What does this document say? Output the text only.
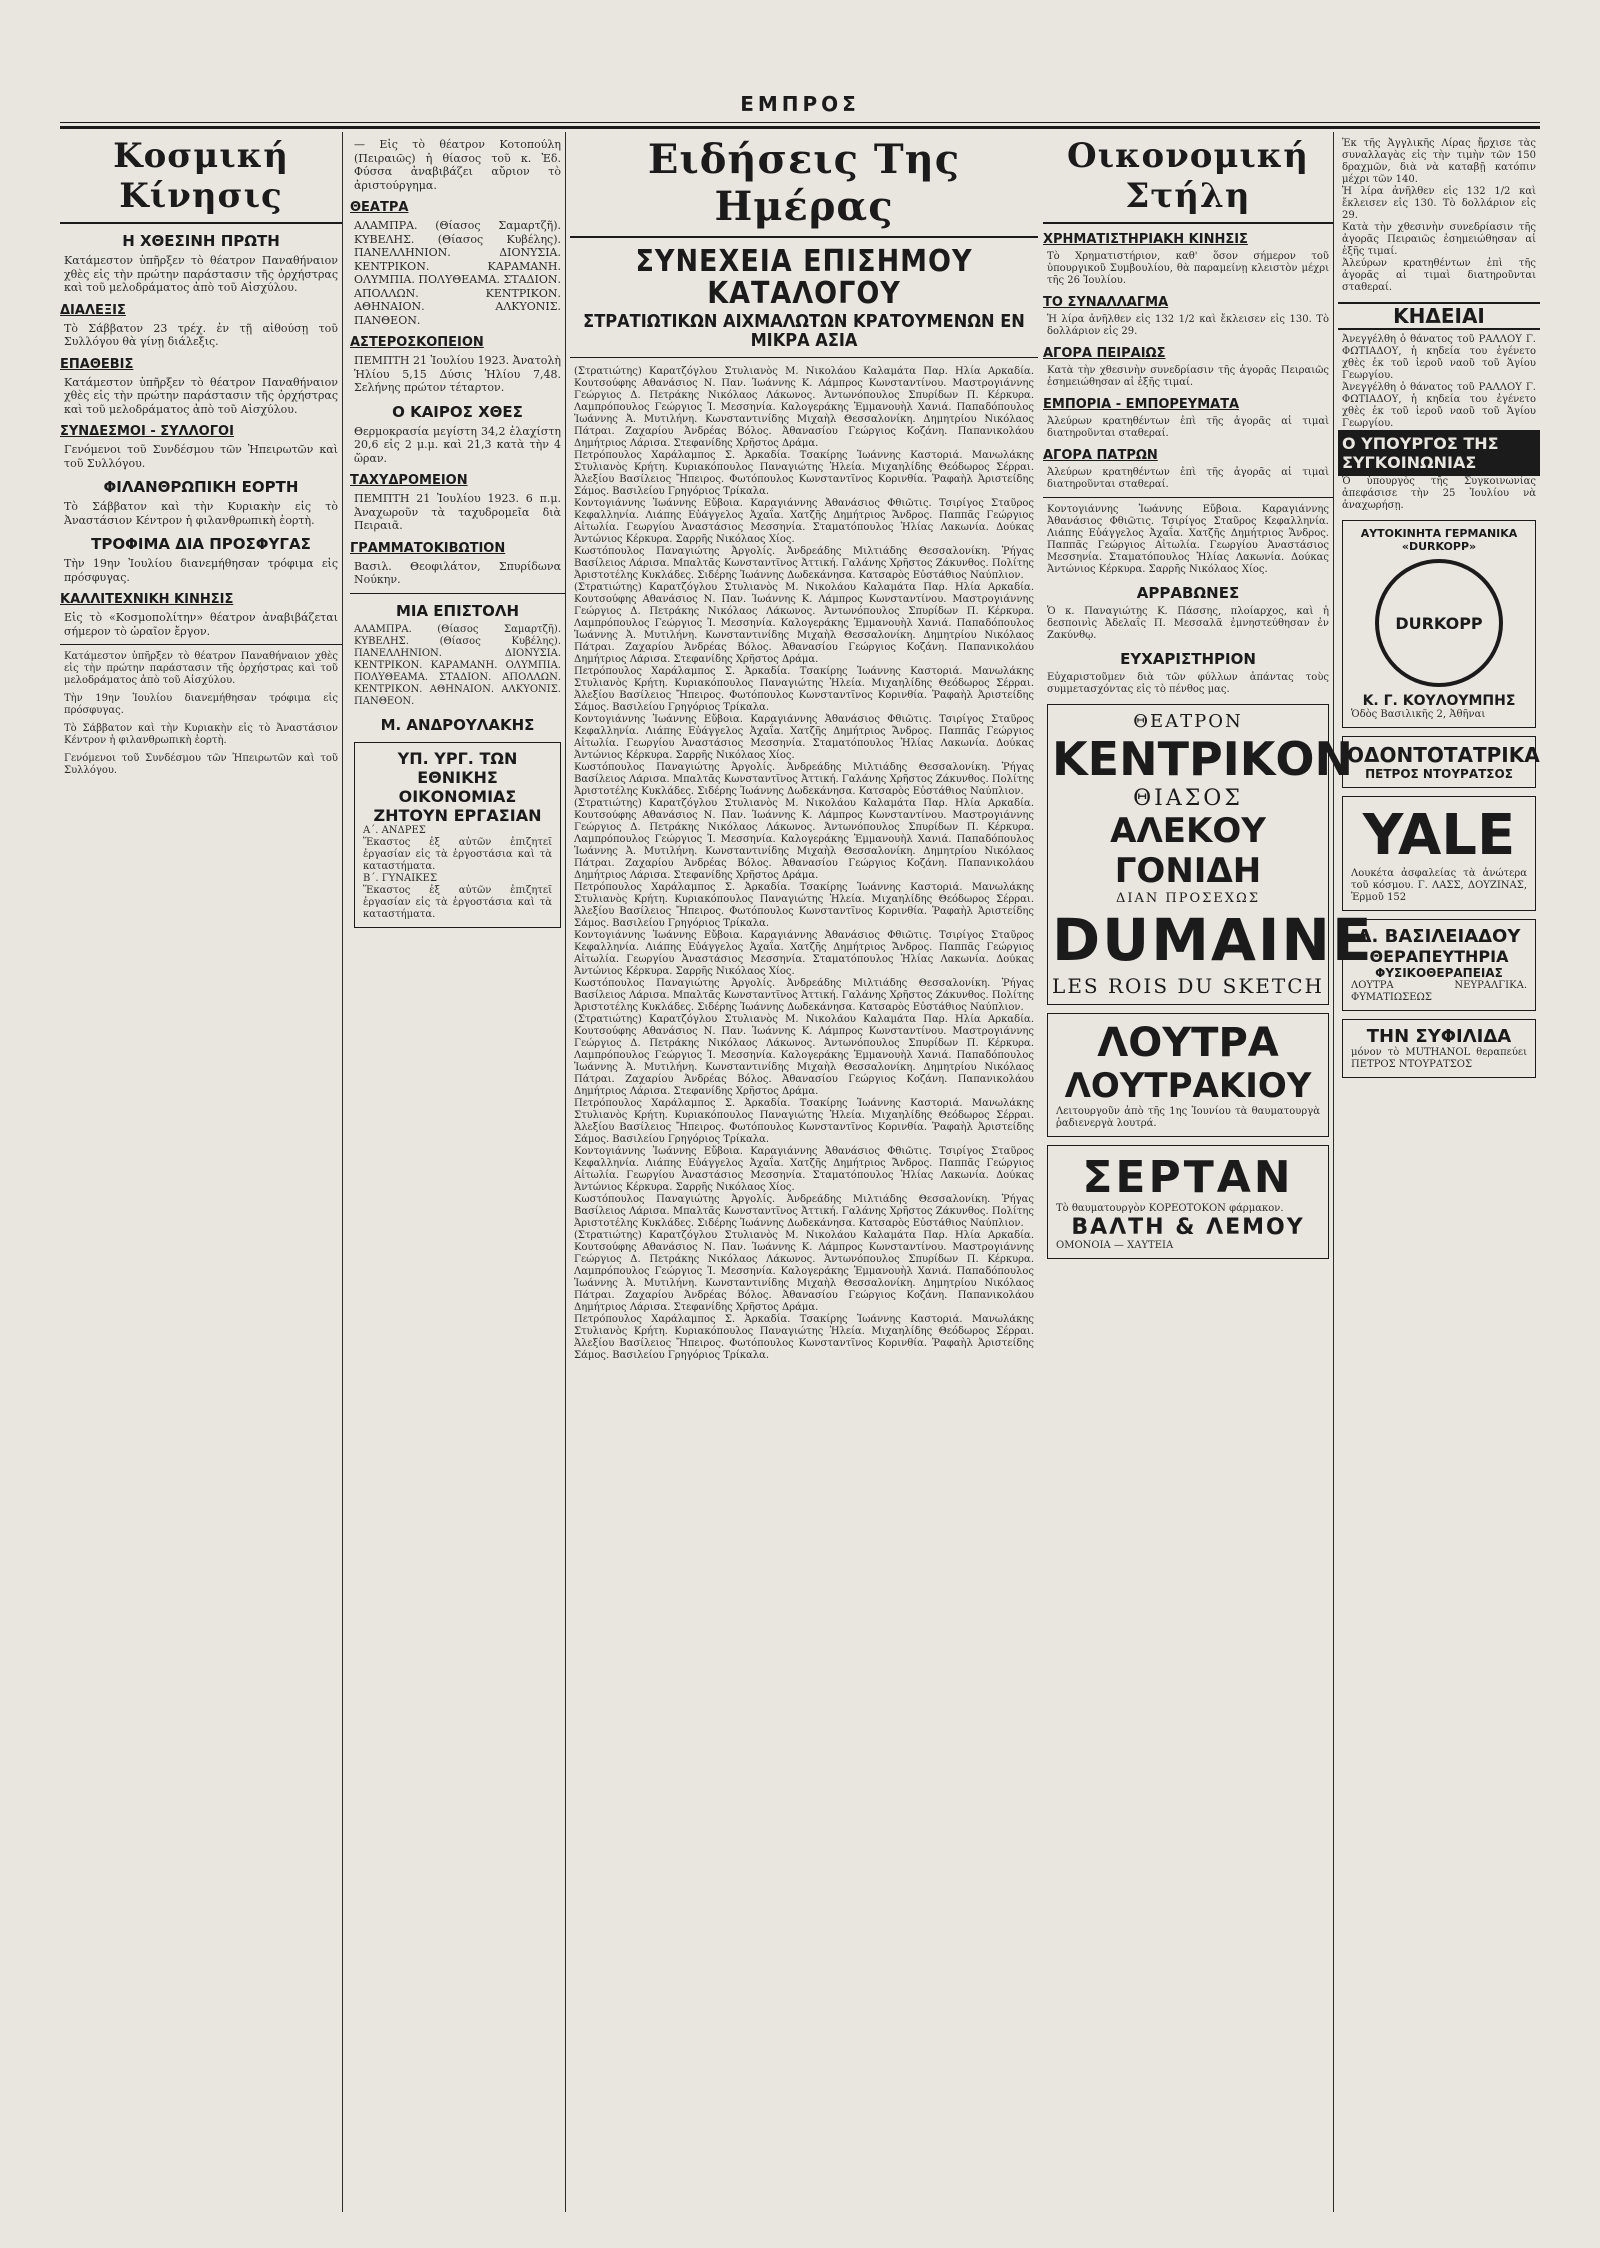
ΕΜΠΡΟΣ
Κοσμική Κίνησις
Η ΧΘΕΣΙΝΗ ΠΡΩΤΗ
Κατάμεστον ὑπῆρξεν τὸ θέατρον Παναθήναιον χθὲς εἰς τὴν πρώτην παράστασιν τῆς ὀρχήστρας καὶ τοῦ μελοδράματος ἀπὸ τοῦ Αἰσχύλου.
ΔΙΑΛΕΞΙΣ
Τὸ Σάββατον 23 τρέχ. ἐν τῇ αἰθούσῃ τοῦ Συλλόγου θὰ γίνῃ διάλεξις.
ΕΠΑΘΕΒΙΣ
Κατάμεστον ὑπῆρξεν τὸ θέατρον Παναθήναιον χθὲς εἰς τὴν πρώτην παράστασιν τῆς ὀρχήστρας καὶ τοῦ μελοδράματος ἀπὸ τοῦ Αἰσχύλου.
ΣΥΝΔΕΣΜΟΙ - ΣΥΛΛΟΓΟΙ
Γενόμενοι τοῦ Συνδέσμου τῶν Ἠπειρωτῶν καὶ τοῦ Συλλόγου.
ΦΙΛΑΝΘΡΩΠΙΚΗ ΕΟΡΤΗ
Τὸ Σάββατον καὶ τὴν Κυριακὴν εἰς τὸ Ἀναστάσιον Κέντρον ἡ φιλανθρωπικὴ ἑορτὴ.
ΤΡΟΦΙΜΑ ΔΙΑ ΠΡΟΣΦΥΓΑΣ
Τὴν 19ην Ἰουλίου διανεμήθησαν τρόφιμα εἰς πρόσφυγας.
ΚΑΛΛΙΤΕΧΝΙΚΗ ΚΙΝΗΣΙΣ
Εἰς τὸ «Κοσμοπολίτην» θέατρον ἀναβιβάζεται σήμερον τὸ ὡραῖον ἔργον.
Κατάμεστον ὑπῆρξεν τὸ θέατρον Παναθήναιον χθὲς εἰς τὴν πρώτην παράστασιν τῆς ὀρχήστρας καὶ τοῦ μελοδράματος ἀπὸ τοῦ Αἰσχύλου.
Τὴν 19ην Ἰουλίου διανεμήθησαν τρόφιμα εἰς πρόσφυγας.
Τὸ Σάββατον καὶ τὴν Κυριακὴν εἰς τὸ Ἀναστάσιον Κέντρον ἡ φιλανθρωπικὴ ἑορτὴ.
Γενόμενοι τοῦ Συνδέσμου τῶν Ἠπειρωτῶν καὶ τοῦ Συλλόγου.
— Εἰς τὸ θέατρον Κοτοπούλη (Πειραιῶς) ἡ θίασος τοῦ κ. Ἐδ. Φύσσα ἀναβιβάζει αὔριον τὸ ἀριστούργημα.
ΘΕΑΤΡΑ
ΑΛΑΜΠΡΑ. (Θίασος Σαμαρτζῆ). ΚΥΒΕΛΗΣ. (Θίασος Κυβέλης). ΠΑΝΕΛΛΗΝΙΟΝ. ΔΙΟΝΥΣΙΑ. ΚΕΝΤΡΙΚΟΝ. ΚΑΡΑΜΑΝΗ. ΟΛΥΜΠΙΑ. ΠΟΛΥΘΕΑΜΑ. ΣΤΑΔΙΟΝ. ΑΠΟΛΛΩΝ. ΚΕΝΤΡΙΚΟΝ. ΑΘΗΝΑΙΟΝ. ΑΛΚΥΟΝΙΣ. ΠΑΝΘΕΟΝ.
ΑΣΤΕΡΟΣΚΟΠΕΙΟΝ
ΠΕΜΠΤΗ 21 Ἰουλίου 1923. Ἀνατολὴ Ἡλίου 5,15 Δύσις Ἡλίου 7,48. Σελήνης πρώτον τέταρτον.
Ο ΚΑΙΡΟΣ ΧΘΕΣ
Θερμοκρασία μεγίστη 34,2 ἐλαχίστη 20,6 εἰς 2 μ.μ. καὶ 21,3 κατὰ τὴν 4 ὥραν.
ΤΑΧΥΔΡΟΜΕΙΟΝ
ΠΕΜΠΤΗ 21 Ἰουλίου 1923. 6 π.μ. Ἀναχωροῦν τὰ ταχυδρομεῖα διὰ Πειραιᾶ.
ΓΡΑΜΜΑΤΟΚΙΒΩΤΙΟΝ
Βασιλ. Θεοφιλάτον, Σπυρίδωνα Νούκην.
ΜΙΑ ΕΠΙΣΤΟΛΗ
ΑΛΑΜΠΡΑ. (Θίασος Σαμαρτζῆ). ΚΥΒΕΛΗΣ. (Θίασος Κυβέλης). ΠΑΝΕΛΛΗΝΙΟΝ. ΔΙΟΝΥΣΙΑ. ΚΕΝΤΡΙΚΟΝ. ΚΑΡΑΜΑΝΗ. ΟΛΥΜΠΙΑ. ΠΟΛΥΘΕΑΜΑ. ΣΤΑΔΙΟΝ. ΑΠΟΛΛΩΝ. ΚΕΝΤΡΙΚΟΝ. ΑΘΗΝΑΙΟΝ. ΑΛΚΥΟΝΙΣ. ΠΑΝΘΕΟΝ.
Μ. ΑΝΔΡΟΥΛΑΚΗΣ
ΥΠ. ΥΡΓ. ΤΩΝ ΕΘΝΙΚΗΣ ΟΙΚΟΝΟΜΙΑΣ
ΖΗΤΟΥΝ ΕΡΓΑΣΙΑΝ
Α΄. ΑΝΔΡΕΣ
Ἕκαστος ἐξ αὐτῶν ἐπιζητεῖ ἐργασίαν εἰς τὰ ἐργοστάσια καὶ τὰ καταστήματα.
Β΄. ΓΥΝΑΙΚΕΣ
Ἕκαστος ἐξ αὐτῶν ἐπιζητεῖ ἐργασίαν εἰς τὰ ἐργοστάσια καὶ τὰ καταστήματα.
Ειδήσεις Της Ημέρας
ΣΥΝΕΧΕΙΑ ΕΠΙΣΗΜΟΥ ΚΑΤΑΛΟΓΟΥ
ΣΤΡΑΤΙΩΤΙΚΩΝ ΑΙΧΜΑΛΩΤΩΝ ΚΡΑΤΟΥΜΕΝΩΝ ΕΝ ΜΙΚΡΑ ΑΣΙΑ
(Στρατιώτης) Καρατζόγλου Στυλιανὸς Μ. Νικολάου Καλαμάτα Παρ. Ηλία Αρκαδία. Κουτσούφης Αθανάσιος Ν. Παν. Ἰωάννης Κ. Λάμπρος Κωνσταντίνου. Μαστρογιάννης Γεώργιος Δ. Πετράκης Νικόλαος Λάκωνος. Ἀντωνόπουλος Σπυρίδων Π. Κέρκυρα. Λαμπρόπουλος Γεώργιος Ἰ. Μεσσηνία. Καλογεράκης Ἐμμανουὴλ Χανιά. Παπαδόπουλος Ἰωάννης Ἀ. Μυτιλήνη. Κωνσταντινίδης Μιχαὴλ Θεσσαλονίκη. Δημητρίου Νικόλαος Πάτραι. Ζαχαρίου Ἀνδρέας Βόλος. Ἀθανασίου Γεώργιος Κοζάνη. Παπανικολάου Δημήτριος Λάρισα. Στεφανίδης Χρῆστος Δράμα.
Πετρόπουλος Χαράλαμπος Σ. Ἀρκαδία. Τσακίρης Ἰωάννης Καστοριά. Μανωλάκης Στυλιανὸς Κρήτη. Κυριακόπουλος Παναγιώτης Ἠλεία. Μιχαηλίδης Θεόδωρος Σέρραι. Ἀλεξίου Βασίλειος Ἤπειρος. Φωτόπουλος Κωνσταντῖνος Κορινθία. Ῥαφαὴλ Ἀριστείδης Σάμος. Βασιλείου Γρηγόριος Τρίκαλα.
Κοντογιάννης Ἰωάννης Εὔβοια. Καραγιάννης Ἀθανάσιος Φθιῶτις. Τσιρίγος Σταῦρος Κεφαλληνία. Λιάπης Εὐάγγελος Ἀχαΐα. Χατζῆς Δημήτριος Ἄνδρος. Παππᾶς Γεώργιος Αἰτωλία. Γεωργίου Ἀναστάσιος Μεσσηνία. Σταματόπουλος Ἠλίας Λακωνία. Δούκας Ἀντώνιος Κέρκυρα. Σαρρῆς Νικόλαος Χίος.
Κωστόπουλος Παναγιώτης Ἀργολίς. Ἀνδρεάδης Μιλτιάδης Θεσσαλονίκη. Ῥήγας Βασίλειος Λάρισα. Μπαλτᾶς Κωνσταντῖνος Ἀττική. Γαλάνης Χρῆστος Ζάκυνθος. Πολίτης Ἀριστοτέλης Κυκλάδες. Σιδέρης Ἰωάννης Δωδεκάνησα. Κατσαρὸς Εὐστάθιος Ναύπλιον.
(Στρατιώτης) Καρατζόγλου Στυλιανὸς Μ. Νικολάου Καλαμάτα Παρ. Ηλία Αρκαδία. Κουτσούφης Αθανάσιος Ν. Παν. Ἰωάννης Κ. Λάμπρος Κωνσταντίνου. Μαστρογιάννης Γεώργιος Δ. Πετράκης Νικόλαος Λάκωνος. Ἀντωνόπουλος Σπυρίδων Π. Κέρκυρα. Λαμπρόπουλος Γεώργιος Ἰ. Μεσσηνία. Καλογεράκης Ἐμμανουὴλ Χανιά. Παπαδόπουλος Ἰωάννης Ἀ. Μυτιλήνη. Κωνσταντινίδης Μιχαὴλ Θεσσαλονίκη. Δημητρίου Νικόλαος Πάτραι. Ζαχαρίου Ἀνδρέας Βόλος. Ἀθανασίου Γεώργιος Κοζάνη. Παπανικολάου Δημήτριος Λάρισα. Στεφανίδης Χρῆστος Δράμα.
Πετρόπουλος Χαράλαμπος Σ. Ἀρκαδία. Τσακίρης Ἰωάννης Καστοριά. Μανωλάκης Στυλιανὸς Κρήτη. Κυριακόπουλος Παναγιώτης Ἠλεία. Μιχαηλίδης Θεόδωρος Σέρραι. Ἀλεξίου Βασίλειος Ἤπειρος. Φωτόπουλος Κωνσταντῖνος Κορινθία. Ῥαφαὴλ Ἀριστείδης Σάμος. Βασιλείου Γρηγόριος Τρίκαλα.
Κοντογιάννης Ἰωάννης Εὔβοια. Καραγιάννης Ἀθανάσιος Φθιῶτις. Τσιρίγος Σταῦρος Κεφαλληνία. Λιάπης Εὐάγγελος Ἀχαΐα. Χατζῆς Δημήτριος Ἄνδρος. Παππᾶς Γεώργιος Αἰτωλία. Γεωργίου Ἀναστάσιος Μεσσηνία. Σταματόπουλος Ἠλίας Λακωνία. Δούκας Ἀντώνιος Κέρκυρα. Σαρρῆς Νικόλαος Χίος.
Κωστόπουλος Παναγιώτης Ἀργολίς. Ἀνδρεάδης Μιλτιάδης Θεσσαλονίκη. Ῥήγας Βασίλειος Λάρισα. Μπαλτᾶς Κωνσταντῖνος Ἀττική. Γαλάνης Χρῆστος Ζάκυνθος. Πολίτης Ἀριστοτέλης Κυκλάδες. Σιδέρης Ἰωάννης Δωδεκάνησα. Κατσαρὸς Εὐστάθιος Ναύπλιον.
(Στρατιώτης) Καρατζόγλου Στυλιανὸς Μ. Νικολάου Καλαμάτα Παρ. Ηλία Αρκαδία. Κουτσούφης Αθανάσιος Ν. Παν. Ἰωάννης Κ. Λάμπρος Κωνσταντίνου. Μαστρογιάννης Γεώργιος Δ. Πετράκης Νικόλαος Λάκωνος. Ἀντωνόπουλος Σπυρίδων Π. Κέρκυρα. Λαμπρόπουλος Γεώργιος Ἰ. Μεσσηνία. Καλογεράκης Ἐμμανουὴλ Χανιά. Παπαδόπουλος Ἰωάννης Ἀ. Μυτιλήνη. Κωνσταντινίδης Μιχαὴλ Θεσσαλονίκη. Δημητρίου Νικόλαος Πάτραι. Ζαχαρίου Ἀνδρέας Βόλος. Ἀθανασίου Γεώργιος Κοζάνη. Παπανικολάου Δημήτριος Λάρισα. Στεφανίδης Χρῆστος Δράμα.
Πετρόπουλος Χαράλαμπος Σ. Ἀρκαδία. Τσακίρης Ἰωάννης Καστοριά. Μανωλάκης Στυλιανὸς Κρήτη. Κυριακόπουλος Παναγιώτης Ἠλεία. Μιχαηλίδης Θεόδωρος Σέρραι. Ἀλεξίου Βασίλειος Ἤπειρος. Φωτόπουλος Κωνσταντῖνος Κορινθία. Ῥαφαὴλ Ἀριστείδης Σάμος. Βασιλείου Γρηγόριος Τρίκαλα.
Κοντογιάννης Ἰωάννης Εὔβοια. Καραγιάννης Ἀθανάσιος Φθιῶτις. Τσιρίγος Σταῦρος Κεφαλληνία. Λιάπης Εὐάγγελος Ἀχαΐα. Χατζῆς Δημήτριος Ἄνδρος. Παππᾶς Γεώργιος Αἰτωλία. Γεωργίου Ἀναστάσιος Μεσσηνία. Σταματόπουλος Ἠλίας Λακωνία. Δούκας Ἀντώνιος Κέρκυρα. Σαρρῆς Νικόλαος Χίος.
Κωστόπουλος Παναγιώτης Ἀργολίς. Ἀνδρεάδης Μιλτιάδης Θεσσαλονίκη. Ῥήγας Βασίλειος Λάρισα. Μπαλτᾶς Κωνσταντῖνος Ἀττική. Γαλάνης Χρῆστος Ζάκυνθος. Πολίτης Ἀριστοτέλης Κυκλάδες. Σιδέρης Ἰωάννης Δωδεκάνησα. Κατσαρὸς Εὐστάθιος Ναύπλιον.
(Στρατιώτης) Καρατζόγλου Στυλιανὸς Μ. Νικολάου Καλαμάτα Παρ. Ηλία Αρκαδία. Κουτσούφης Αθανάσιος Ν. Παν. Ἰωάννης Κ. Λάμπρος Κωνσταντίνου. Μαστρογιάννης Γεώργιος Δ. Πετράκης Νικόλαος Λάκωνος. Ἀντωνόπουλος Σπυρίδων Π. Κέρκυρα. Λαμπρόπουλος Γεώργιος Ἰ. Μεσσηνία. Καλογεράκης Ἐμμανουὴλ Χανιά. Παπαδόπουλος Ἰωάννης Ἀ. Μυτιλήνη. Κωνσταντινίδης Μιχαὴλ Θεσσαλονίκη. Δημητρίου Νικόλαος Πάτραι. Ζαχαρίου Ἀνδρέας Βόλος. Ἀθανασίου Γεώργιος Κοζάνη. Παπανικολάου Δημήτριος Λάρισα. Στεφανίδης Χρῆστος Δράμα.
Πετρόπουλος Χαράλαμπος Σ. Ἀρκαδία. Τσακίρης Ἰωάννης Καστοριά. Μανωλάκης Στυλιανὸς Κρήτη. Κυριακόπουλος Παναγιώτης Ἠλεία. Μιχαηλίδης Θεόδωρος Σέρραι. Ἀλεξίου Βασίλειος Ἤπειρος. Φωτόπουλος Κωνσταντῖνος Κορινθία. Ῥαφαὴλ Ἀριστείδης Σάμος. Βασιλείου Γρηγόριος Τρίκαλα.
Κοντογιάννης Ἰωάννης Εὔβοια. Καραγιάννης Ἀθανάσιος Φθιῶτις. Τσιρίγος Σταῦρος Κεφαλληνία. Λιάπης Εὐάγγελος Ἀχαΐα. Χατζῆς Δημήτριος Ἄνδρος. Παππᾶς Γεώργιος Αἰτωλία. Γεωργίου Ἀναστάσιος Μεσσηνία. Σταματόπουλος Ἠλίας Λακωνία. Δούκας Ἀντώνιος Κέρκυρα. Σαρρῆς Νικόλαος Χίος.
Κωστόπουλος Παναγιώτης Ἀργολίς. Ἀνδρεάδης Μιλτιάδης Θεσσαλονίκη. Ῥήγας Βασίλειος Λάρισα. Μπαλτᾶς Κωνσταντῖνος Ἀττική. Γαλάνης Χρῆστος Ζάκυνθος. Πολίτης Ἀριστοτέλης Κυκλάδες. Σιδέρης Ἰωάννης Δωδεκάνησα. Κατσαρὸς Εὐστάθιος Ναύπλιον.
(Στρατιώτης) Καρατζόγλου Στυλιανὸς Μ. Νικολάου Καλαμάτα Παρ. Ηλία Αρκαδία. Κουτσούφης Αθανάσιος Ν. Παν. Ἰωάννης Κ. Λάμπρος Κωνσταντίνου. Μαστρογιάννης Γεώργιος Δ. Πετράκης Νικόλαος Λάκωνος. Ἀντωνόπουλος Σπυρίδων Π. Κέρκυρα. Λαμπρόπουλος Γεώργιος Ἰ. Μεσσηνία. Καλογεράκης Ἐμμανουὴλ Χανιά. Παπαδόπουλος Ἰωάννης Ἀ. Μυτιλήνη. Κωνσταντινίδης Μιχαὴλ Θεσσαλονίκη. Δημητρίου Νικόλαος Πάτραι. Ζαχαρίου Ἀνδρέας Βόλος. Ἀθανασίου Γεώργιος Κοζάνη. Παπανικολάου Δημήτριος Λάρισα. Στεφανίδης Χρῆστος Δράμα.
Πετρόπουλος Χαράλαμπος Σ. Ἀρκαδία. Τσακίρης Ἰωάννης Καστοριά. Μανωλάκης Στυλιανὸς Κρήτη. Κυριακόπουλος Παναγιώτης Ἠλεία. Μιχαηλίδης Θεόδωρος Σέρραι. Ἀλεξίου Βασίλειος Ἤπειρος. Φωτόπουλος Κωνσταντῖνος Κορινθία. Ῥαφαὴλ Ἀριστείδης Σάμος. Βασιλείου Γρηγόριος Τρίκαλα.
Οικονομική Στήλη
ΧΡΗΜΑΤΙΣΤΗΡΙΑΚΗ ΚΙΝΗΣΙΣ
Τὸ Χρηματιστήριον, καθ' ὅσον σήμερον τοῦ ὑπουργικοῦ Συμβουλίου, θὰ παραμείνῃ κλειστὸν μέχρι τῆς 26 Ἰουλίου.
ΤΟ ΣΥΝΑΛΛΑΓΜΑ
Ἡ λίρα ἀνῆλθεν εἰς 132 1/2 καὶ ἔκλεισεν εἰς 130. Τὸ δολλάριον εἰς 29.
ΑΓΟΡΑ ΠΕΙΡΑΙΩΣ
Κατὰ τὴν χθεσινὴν συνεδρίασιν τῆς ἀγορᾶς Πειραιῶς ἐσημειώθησαν αἱ ἑξῆς τιμαί.
ΕΜΠΟΡΙΑ - ΕΜΠΟΡΕΥΜΑΤΑ
Ἀλεύρων κρατηθέντων ἐπὶ τῆς ἀγορᾶς αἱ τιμαὶ διατηροῦνται σταθεραί.
ΑΓΟΡΑ ΠΑΤΡΩΝ
Ἀλεύρων κρατηθέντων ἐπὶ τῆς ἀγορᾶς αἱ τιμαὶ διατηροῦνται σταθεραί.
Κοντογιάννης Ἰωάννης Εὔβοια. Καραγιάννης Ἀθανάσιος Φθιῶτις. Τσιρίγος Σταῦρος Κεφαλληνία. Λιάπης Εὐάγγελος Ἀχαΐα. Χατζῆς Δημήτριος Ἄνδρος. Παππᾶς Γεώργιος Αἰτωλία. Γεωργίου Ἀναστάσιος Μεσσηνία. Σταματόπουλος Ἠλίας Λακωνία. Δούκας Ἀντώνιος Κέρκυρα. Σαρρῆς Νικόλαος Χίος.
ΑΡΡΑΒΩΝΕΣ
Ὁ κ. Παναγιώτης Κ. Πάσσης, πλοίαρχος, καὶ ἡ δεσποινὶς Ἀδελαΐς Π. Μεσσαλᾶ ἐμνηστεύθησαν ἐν Ζακύνθῳ.
ΕΥΧΑΡΙΣΤΗΡΙΟΝ
Εὐχαριστοῦμεν διὰ τῶν φύλλων ἀπάντας τοὺς συμμετασχόντας εἰς τὸ πένθος μας.
ΘΕΑΤΡΟΝ
ΚΕΝΤΡΙΚΟΝ
ΘΙΑΣΟΣ
ΑΛΕΚΟΥ ΓΟΝΙΔΗ
ΔΙΑΝ ΠΡΟΣΕΧΩΣ
DUMAINE
LES ROIS DU SKETCH
ΛΟΥΤΡΑ
ΛΟΥΤΡΑΚΙΟΥ
Λειτουργοῦν ἀπὸ τῆς 1ης Ἰουνίου τὰ θαυματουργὰ ῥαδιενεργὰ λουτρά.
ΣΕΡΤΑΝ
Τὸ θαυματουργὸν ΚΟΡΕΟΤΟΚΟΝ φάρμακον.
ΒΑΛΤΗ & ΛΕΜΟΥ
ΟΜΟΝΟΙΑ — ΧΑΥΤΕΙΑ
Ἐκ τῆς Ἀγγλικῆς Λίρας ἤρχισε τὰς συναλλαγὰς εἰς τὴν τιμὴν τῶν 150 δραχμῶν, διὰ νὰ καταβῇ κατόπιν μέχρι τῶν 140.
Ἡ λίρα ἀνῆλθεν εἰς 132 1/2 καὶ ἔκλεισεν εἰς 130. Τὸ δολλάριον εἰς 29.
Κατὰ τὴν χθεσινὴν συνεδρίασιν τῆς ἀγορᾶς Πειραιῶς ἐσημειώθησαν αἱ ἑξῆς τιμαί.
Ἀλεύρων κρατηθέντων ἐπὶ τῆς ἀγορᾶς αἱ τιμαὶ διατηροῦνται σταθεραί.
ΚΗΔΕΙΑΙ
Ἀνεγγέλθη ὁ θάνατος τοῦ ΡΑΛΛΟΥ Γ. ΦΩΤΙΑΔΟΥ, ἡ κηδεία του ἐγένετο χθὲς ἐκ τοῦ ἱεροῦ ναοῦ τοῦ Ἁγίου Γεωργίου.
Ἀνεγγέλθη ὁ θάνατος τοῦ ΡΑΛΛΟΥ Γ. ΦΩΤΙΑΔΟΥ, ἡ κηδεία του ἐγένετο χθὲς ἐκ τοῦ ἱεροῦ ναοῦ τοῦ Ἁγίου Γεωργίου.
Ο ΥΠΟΥΡΓΟΣ ΤΗΣ ΣΥΓΚΟΙΝΩΝΙΑΣ
Ὁ ὑπουργὸς τῆς Συγκοινωνίας ἀπεφάσισε τὴν 25 Ἰουλίου νὰ ἀναχωρήσῃ.
ΑΥΤΟΚΙΝΗΤΑ ΓΕΡΜΑΝΙΚΑ «DURKOPP»
DURKOPP
Κ. Γ. ΚΟΥΛΟΥΜΠΗΣ
Ὁδὸς Βασιλικῆς 2, Ἀθῆναι
ΟΔΟΝΤΟΤΑΤΡΙΚΑ
ΠΕΤΡΟΣ ΝΤΟΥΡΑΤΣΟΣ
YALE
Λουκέτα ἀσφαλείας τὰ ἀνώτερα τοῦ κόσμου. Γ. ΛΑΣΣ, ΔΟΥΖΙΝΑΣ, Ἑρμοῦ 152
Δ. ΒΑΣΙΛΕΙΑΔΟΥ
ΘΕΡΑΠΕΥΤΗΡΙΑ
ΦΥΣΙΚΟΘΕΡΑΠΕΙΑΣ
ΛΟΥΤΡΑ ΝΕΥΡΑΛΓΙΚΑ. ΦΥΜΑΤΙΩΣΕΩΣ
ΤΗΝ ΣΥΦΙΛΙΔΑ
μόνον τὸ MUTHANOL θεραπεύει ΠΕΤΡΟΣ ΝΤΟΥΡΑΤΣΟΣ
